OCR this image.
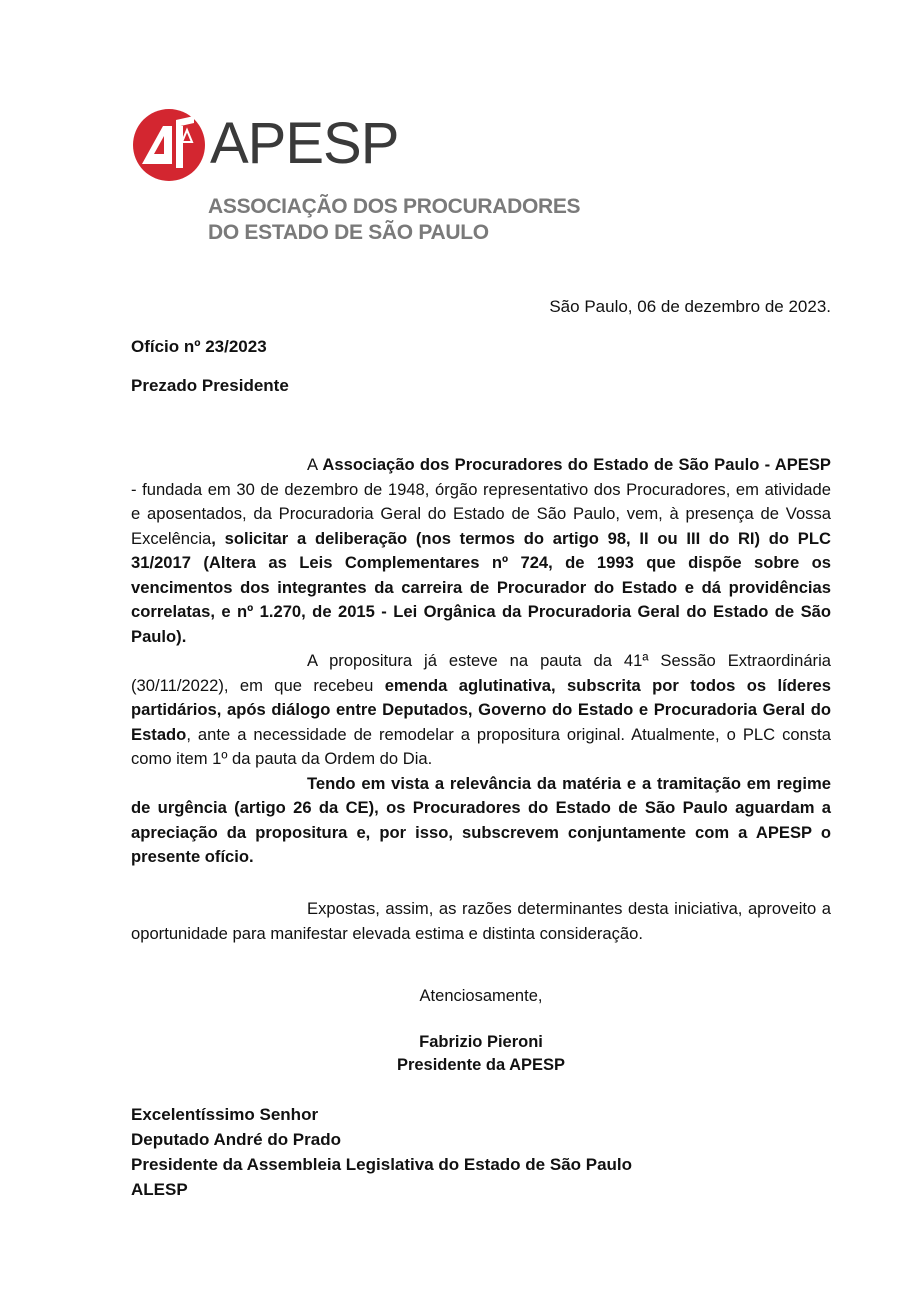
APESP
ASSOCIAÇÃO DOS PROCURADORES
DO ESTADO DE SÃO PAULO
São Paulo, 06 de dezembro de 2023.
Ofício nº 23/2023
Prezado Presidente

A Associação dos Procuradores do Estado de São Paulo - APESP - fundada em 30 de dezembro de 1948, órgão representativo dos Procuradores, em atividade e aposentados, da Procuradoria Geral do Estado de São Paulo, vem, à presença de Vossa Excelência, solicitar a deliberação (nos termos do artigo 98, II ou III do RI) do PLC 31/2017 (Altera as Leis Complementares nº 724, de 1993 que dispõe sobre os vencimentos dos integrantes da carreira de Procurador do Estado e dá providências correlatas, e nº 1.270, de 2015 - Lei Orgânica da Procuradoria Geral do Estado de São Paulo).

A propositura já esteve na pauta da 41ª Sessão Extraordinária (30/11/2022), em que recebeu emenda aglutinativa, subscrita por todos os líderes partidários, após diálogo entre Deputados, Governo do Estado e Procuradoria Geral do Estado, ante a necessidade de remodelar a propositura original. Atualmente, o PLC consta como item 1º da pauta da Ordem do Dia.

Tendo em vista a relevância da matéria e a tramitação em regime de urgência (artigo 26 da CE), os Procuradores do Estado de São Paulo aguardam a apreciação da propositura e, por isso, subscrevem conjuntamente com a APESP o presente ofício.

Expostas, assim, as razões determinantes desta iniciativa, aproveito a oportunidade para manifestar elevada estima e distinta consideração.

Atenciosamente,
Fabrizio Pieroni
Presidente da APESP
Excelentíssimo Senhor
Deputado André do Prado
Presidente da Assembleia Legislativa do Estado de São Paulo
ALESP
